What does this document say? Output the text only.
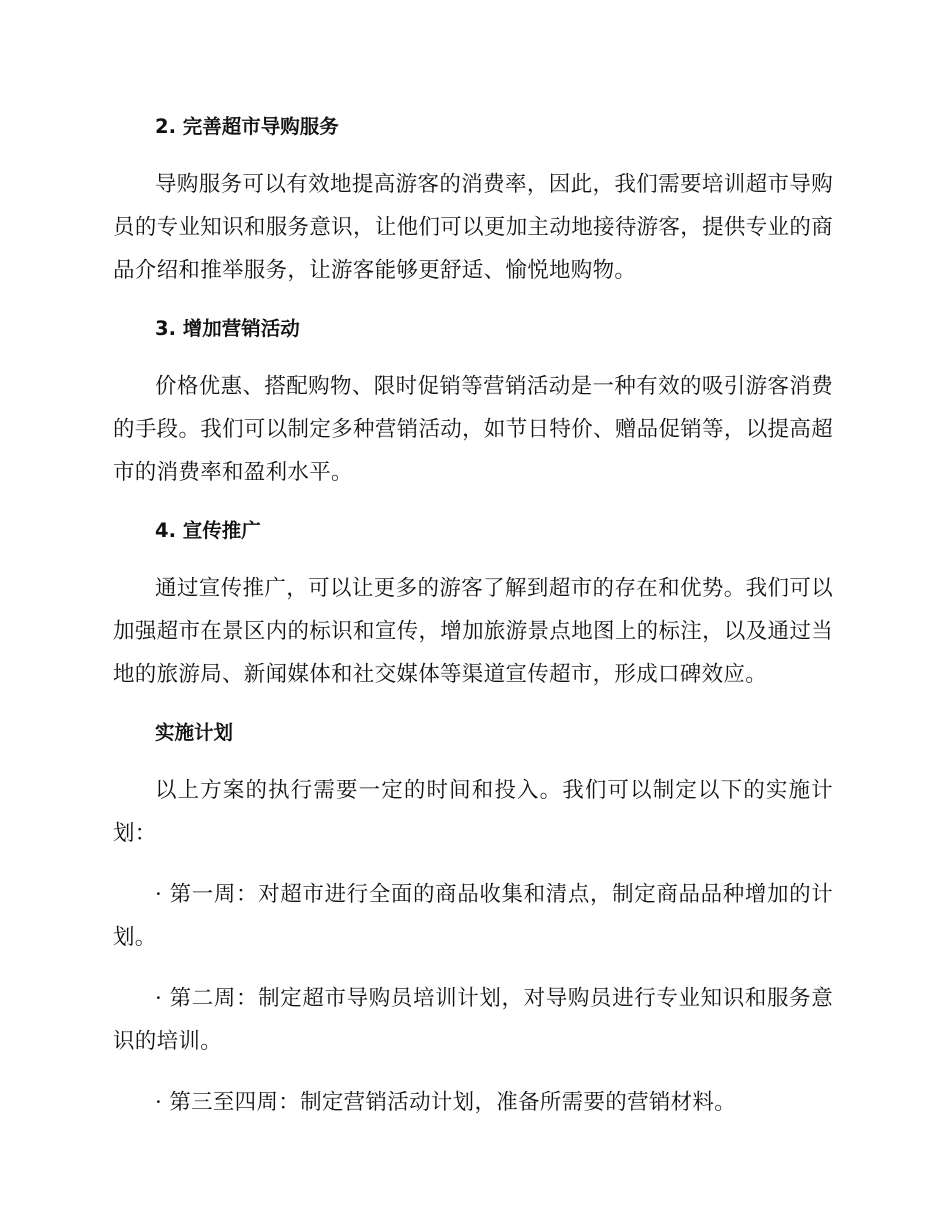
2. 完善超市导购服务

导购服务可以有效地提高游客的消费率，因此，我们需要培训超市导购员的专业知识和服务意识，让他们可以更加主动地接待游客，提供专业的商品介绍和推举服务，让游客能够更舒适、愉悦地购物。

3. 增加营销活动

价格优惠、搭配购物、限时促销等营销活动是一种有效的吸引游客消费的手段。我们可以制定多种营销活动，如节日特价、赠品促销等，以提高超市的消费率和盈利水平。

4. 宣传推广

通过宣传推广，可以让更多的游客了解到超市的存在和优势。我们可以加强超市在景区内的标识和宣传，增加旅游景点地图上的标注，以及通过当地的旅游局、新闻媒体和社交媒体等渠道宣传超市，形成口碑效应。

实施计划

以上方案的执行需要一定的时间和投入。我们可以制定以下的实施计划：

· 第一周：对超市进行全面的商品收集和清点，制定商品品种增加的计划。

· 第二周：制定超市导购员培训计划，对导购员进行专业知识和服务意识的培训。

· 第三至四周：制定营销活动计划，准备所需要的营销材料。
